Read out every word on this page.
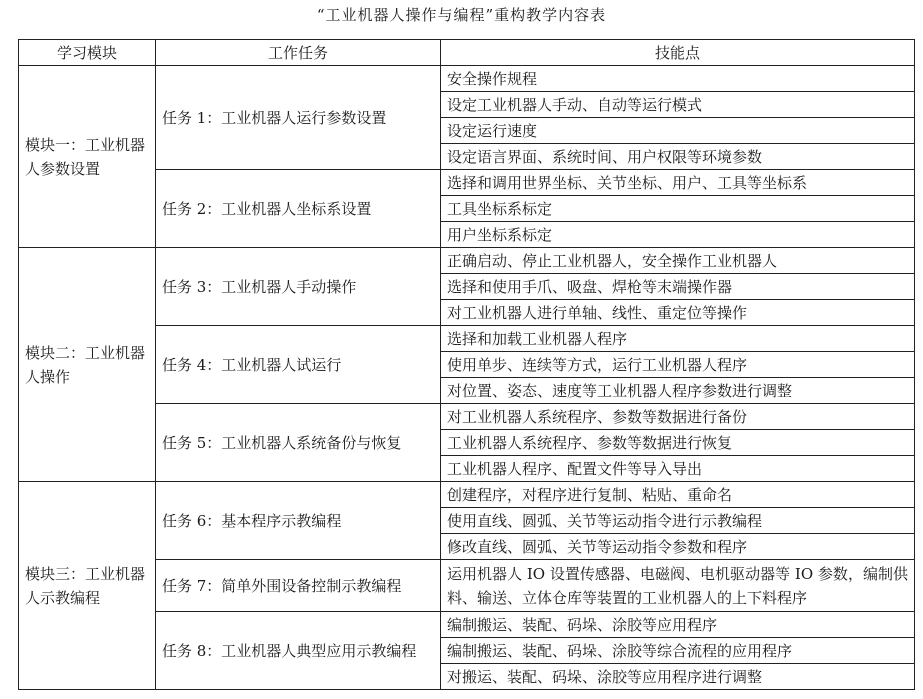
“工业机器人操作与编程”重构教学内容表
学习模块	工作任务	技能点
模块一：工业机器人参数设置	任务 1：工业机器人运行参数设置	安全操作规程
		设定工业机器人手动、自动等运行模式
		设定运行速度
		设定语言界面、系统时间、用户权限等环境参数
	任务 2：工业机器人坐标系设置	选择和调用世界坐标、关节坐标、用户、工具等坐标系
		工具坐标系标定
		用户坐标系标定
模块二：工业机器人操作	任务 3：工业机器人手动操作	正确启动、停止工业机器人，安全操作工业机器人
		选择和使用手爪、吸盘、焊枪等末端操作器
		对工业机器人进行单轴、线性、重定位等操作
	任务 4：工业机器人试运行	选择和加载工业机器人程序
		使用单步、连续等方式，运行工业机器人程序
		对位置、姿态、速度等工业机器人程序参数进行调整
	任务 5：工业机器人系统备份与恢复	对工业机器人系统程序、参数等数据进行备份
		工业机器人系统程序、参数等数据进行恢复
		工业机器人程序、配置文件等导入导出
模块三：工业机器人示教编程	任务 6：基本程序示教编程	创建程序，对程序进行复制、粘贴、重命名
		使用直线、圆弧、关节等运动指令进行示教编程
		修改直线、圆弧、关节等运动指令参数和程序
	任务 7：简单外围设备控制示教编程	运用机器人 IO 设置传感器、电磁阀、电机驱动器等 IO 参数，编制供料、输送、立体仓库等装置的工业机器人的上下料程序
	任务 8：工业机器人典型应用示教编程	编制搬运、装配、码垛、涂胶等应用程序
		编制搬运、装配、码垛、涂胶等综合流程的应用程序
		对搬运、装配、码垛、涂胶等应用程序进行调整
